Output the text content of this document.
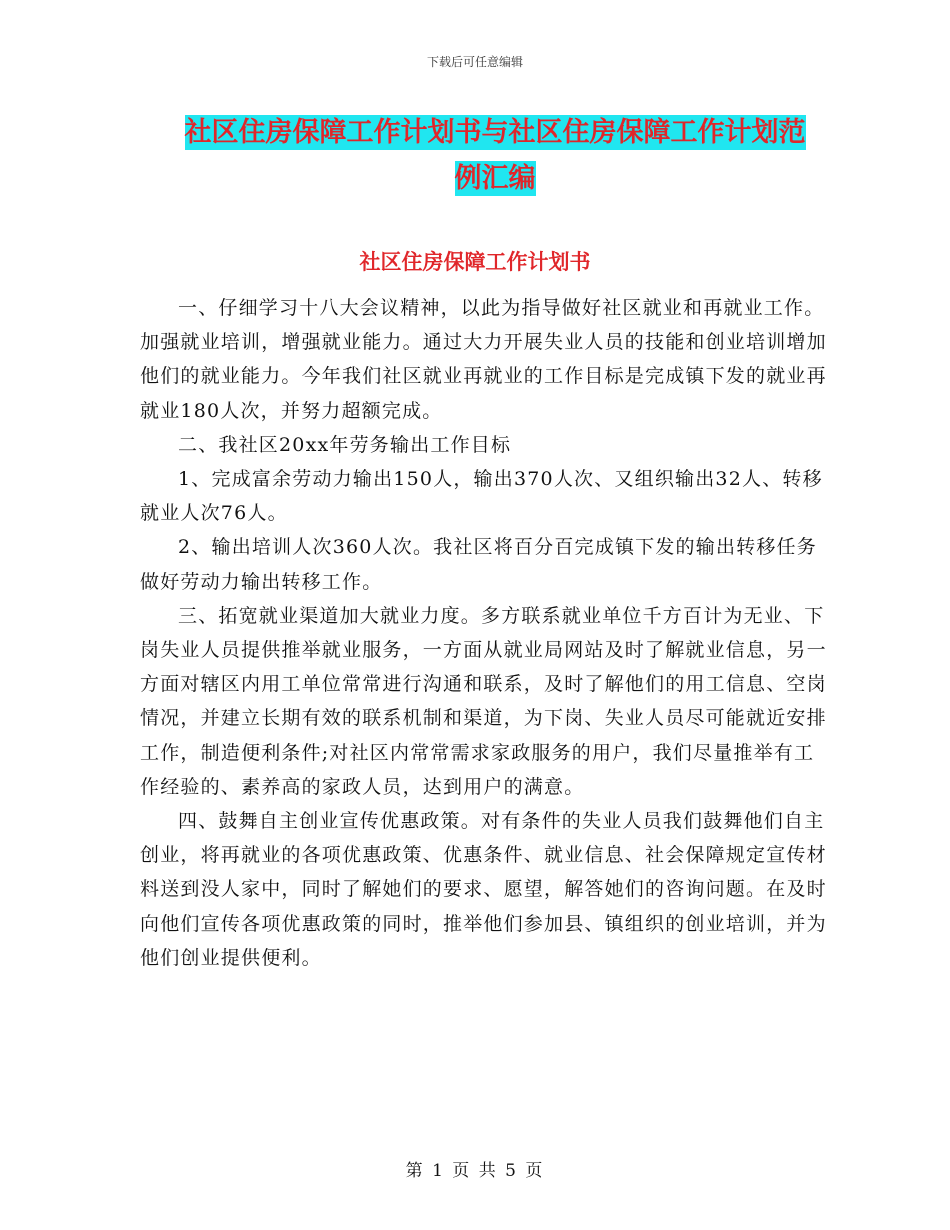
下载后可任意编辑
社区住房保障工作计划书与社区住房保障工作计划范
例汇编
社区住房保障工作计划书

一、仔细学习十八大会议精神，以此为指导做好社区就业和再就业工作。加强就业培训，增强就业能力。通过大力开展失业人员的技能和创业培训增加他们的就业能力。今年我们社区就业再就业的工作目标是完成镇下发的就业再就业180人次，并努力超额完成。

二、我社区20xx年劳务输出工作目标

1、完成富余劳动力输出150人，输出370人次、又组织输出32人、转移就业人次76人。

2、输出培训人次360人次。我社区将百分百完成镇下发的输出转移任务做好劳动力输出转移工作。

三、拓宽就业渠道加大就业力度。多方联系就业单位千方百计为无业、下岗失业人员提供推举就业服务，一方面从就业局网站及时了解就业信息，另一方面对辖区内用工单位常常进行沟通和联系，及时了解他们的用工信息、空岗情况，并建立长期有效的联系机制和渠道，为下岗、失业人员尽可能就近安排工作，制造便利条件;对社区内常常需求家政服务的用户，我们尽量推举有工作经验的、素养高的家政人员，达到用户的满意。

四、鼓舞自主创业宣传优惠政策。对有条件的失业人员我们鼓舞他们自主创业，将再就业的各项优惠政策、优惠条件、就业信息、社会保障规定宣传材料送到没人家中，同时了解她们的要求、愿望，解答她们的咨询问题。在及时向他们宣传各项优惠政策的同时，推举他们参加县、镇组织的创业培训，并为他们创业提供便利。

第 1 页 共 5 页
